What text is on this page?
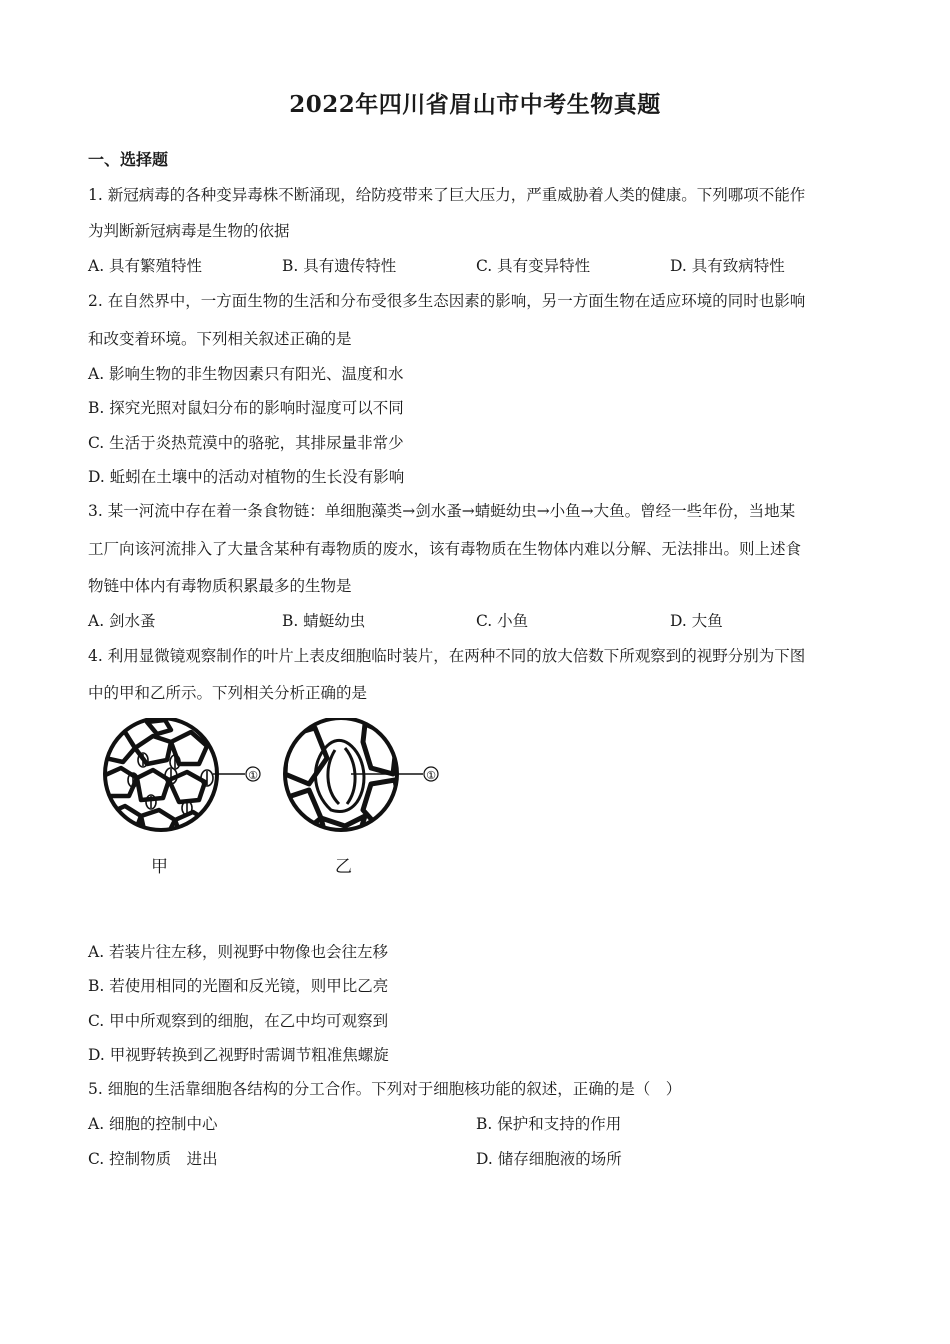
2022年四川省眉山市中考生物真题
一、选择题
1. 新冠病毒的各种变异毒株不断涌现，给防疫带来了巨大压力，严重威胁着人类的健康。下列哪项不能作
为判断新冠病毒是生物的依据
A. 具有繁殖特性	B. 具有遗传特性	C. 具有变异特性	D. 具有致病特性
2. 在自然界中，一方面生物的生活和分布受很多生态因素的影响，另一方面生物在适应环境的同时也影响
和改变着环境。下列相关叙述正确的是
A. 影响生物的非生物因素只有阳光、温度和水
B. 探究光照对鼠妇分布的影响时湿度可以不同
C. 生活于炎热荒漠中的骆驼，其排尿量非常少
D. 蚯蚓在土壤中的活动对植物的生长没有影响
3. 某一河流中存在着一条食物链：单细胞藻类→剑水蚤→蜻蜓幼虫→小鱼→大鱼。曾经一些年份，当地某
工厂向该河流排入了大量含某种有毒物质的废水，该有毒物质在生物体内难以分解、无法排出。则上述食
物链中体内有毒物质积累最多的生物是
A. 剑水蚤	B. 蜻蜓幼虫	C. 小鱼	D. 大鱼
4. 利用显微镜观察制作的叶片上表皮细胞临时装片，在两种不同的放大倍数下所观察到的视野分别为下图
中的甲和乙所示。下列相关分析正确的是
①	①
甲	乙
A. 若装片往左移，则视野中物像也会往左移
B. 若使用相同的光圈和反光镜，则甲比乙亮
C. 甲中所观察到的细胞，在乙中均可观察到
D. 甲视野转换到乙视野时需调节粗准焦螺旋
5. 细胞的生活靠细胞各结构的分工合作。下列对于细胞核功能的叙述，正确的是（　）
A. 细胞的控制中心	B. 保护和支持的作用
C. 控制物质　进出	D. 储存细胞液的场所
